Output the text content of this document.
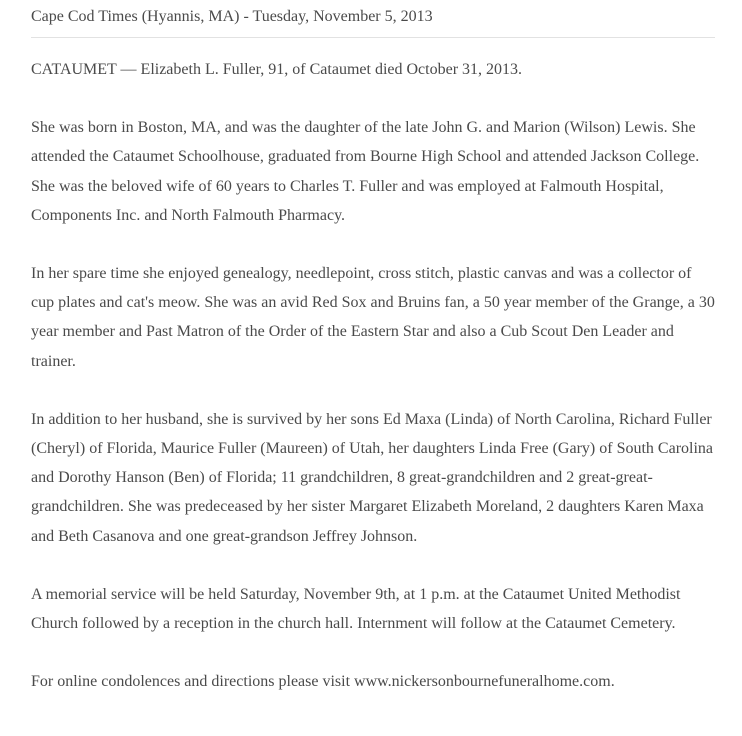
Cape Cod Times (Hyannis, MA) - Tuesday, November 5, 2013

CATAUMET — Elizabeth L. Fuller, 91, of Cataumet died October 31, 2013.

She was born in Boston, MA, and was the daughter of the late John G. and Marion (Wilson) Lewis. She attended the Cataumet Schoolhouse, graduated from Bourne High School and attended Jackson College. She was the beloved wife of 60 years to Charles T. Fuller and was employed at Falmouth Hospital, Components Inc. and North Falmouth Pharmacy.

In her spare time she enjoyed genealogy, needlepoint, cross stitch, plastic canvas and was a collector of cup plates and cat's meow. She was an avid Red Sox and Bruins fan, a 50 year member of the Grange, a 30 year member and Past Matron of the Order of the Eastern Star and also a Cub Scout Den Leader and trainer.

In addition to her husband, she is survived by her sons Ed Maxa (Linda) of North Carolina, Richard Fuller (Cheryl) of Florida, Maurice Fuller (Maureen) of Utah, her daughters Linda Free (Gary) of South Carolina and Dorothy Hanson (Ben) of Florida; 11 grandchildren, 8 great-grandchildren and 2 great-great-grandchildren. She was predeceased by her sister Margaret Elizabeth Moreland, 2 daughters Karen Maxa and Beth Casanova and one great-grandson Jeffrey Johnson.

A memorial service will be held Saturday, November 9th, at 1 p.m. at the Cataumet United Methodist Church followed by a reception in the church hall. Internment will follow at the Cataumet Cemetery.

For online condolences and directions please visit www.nickersonbournefuneralhome.com.
